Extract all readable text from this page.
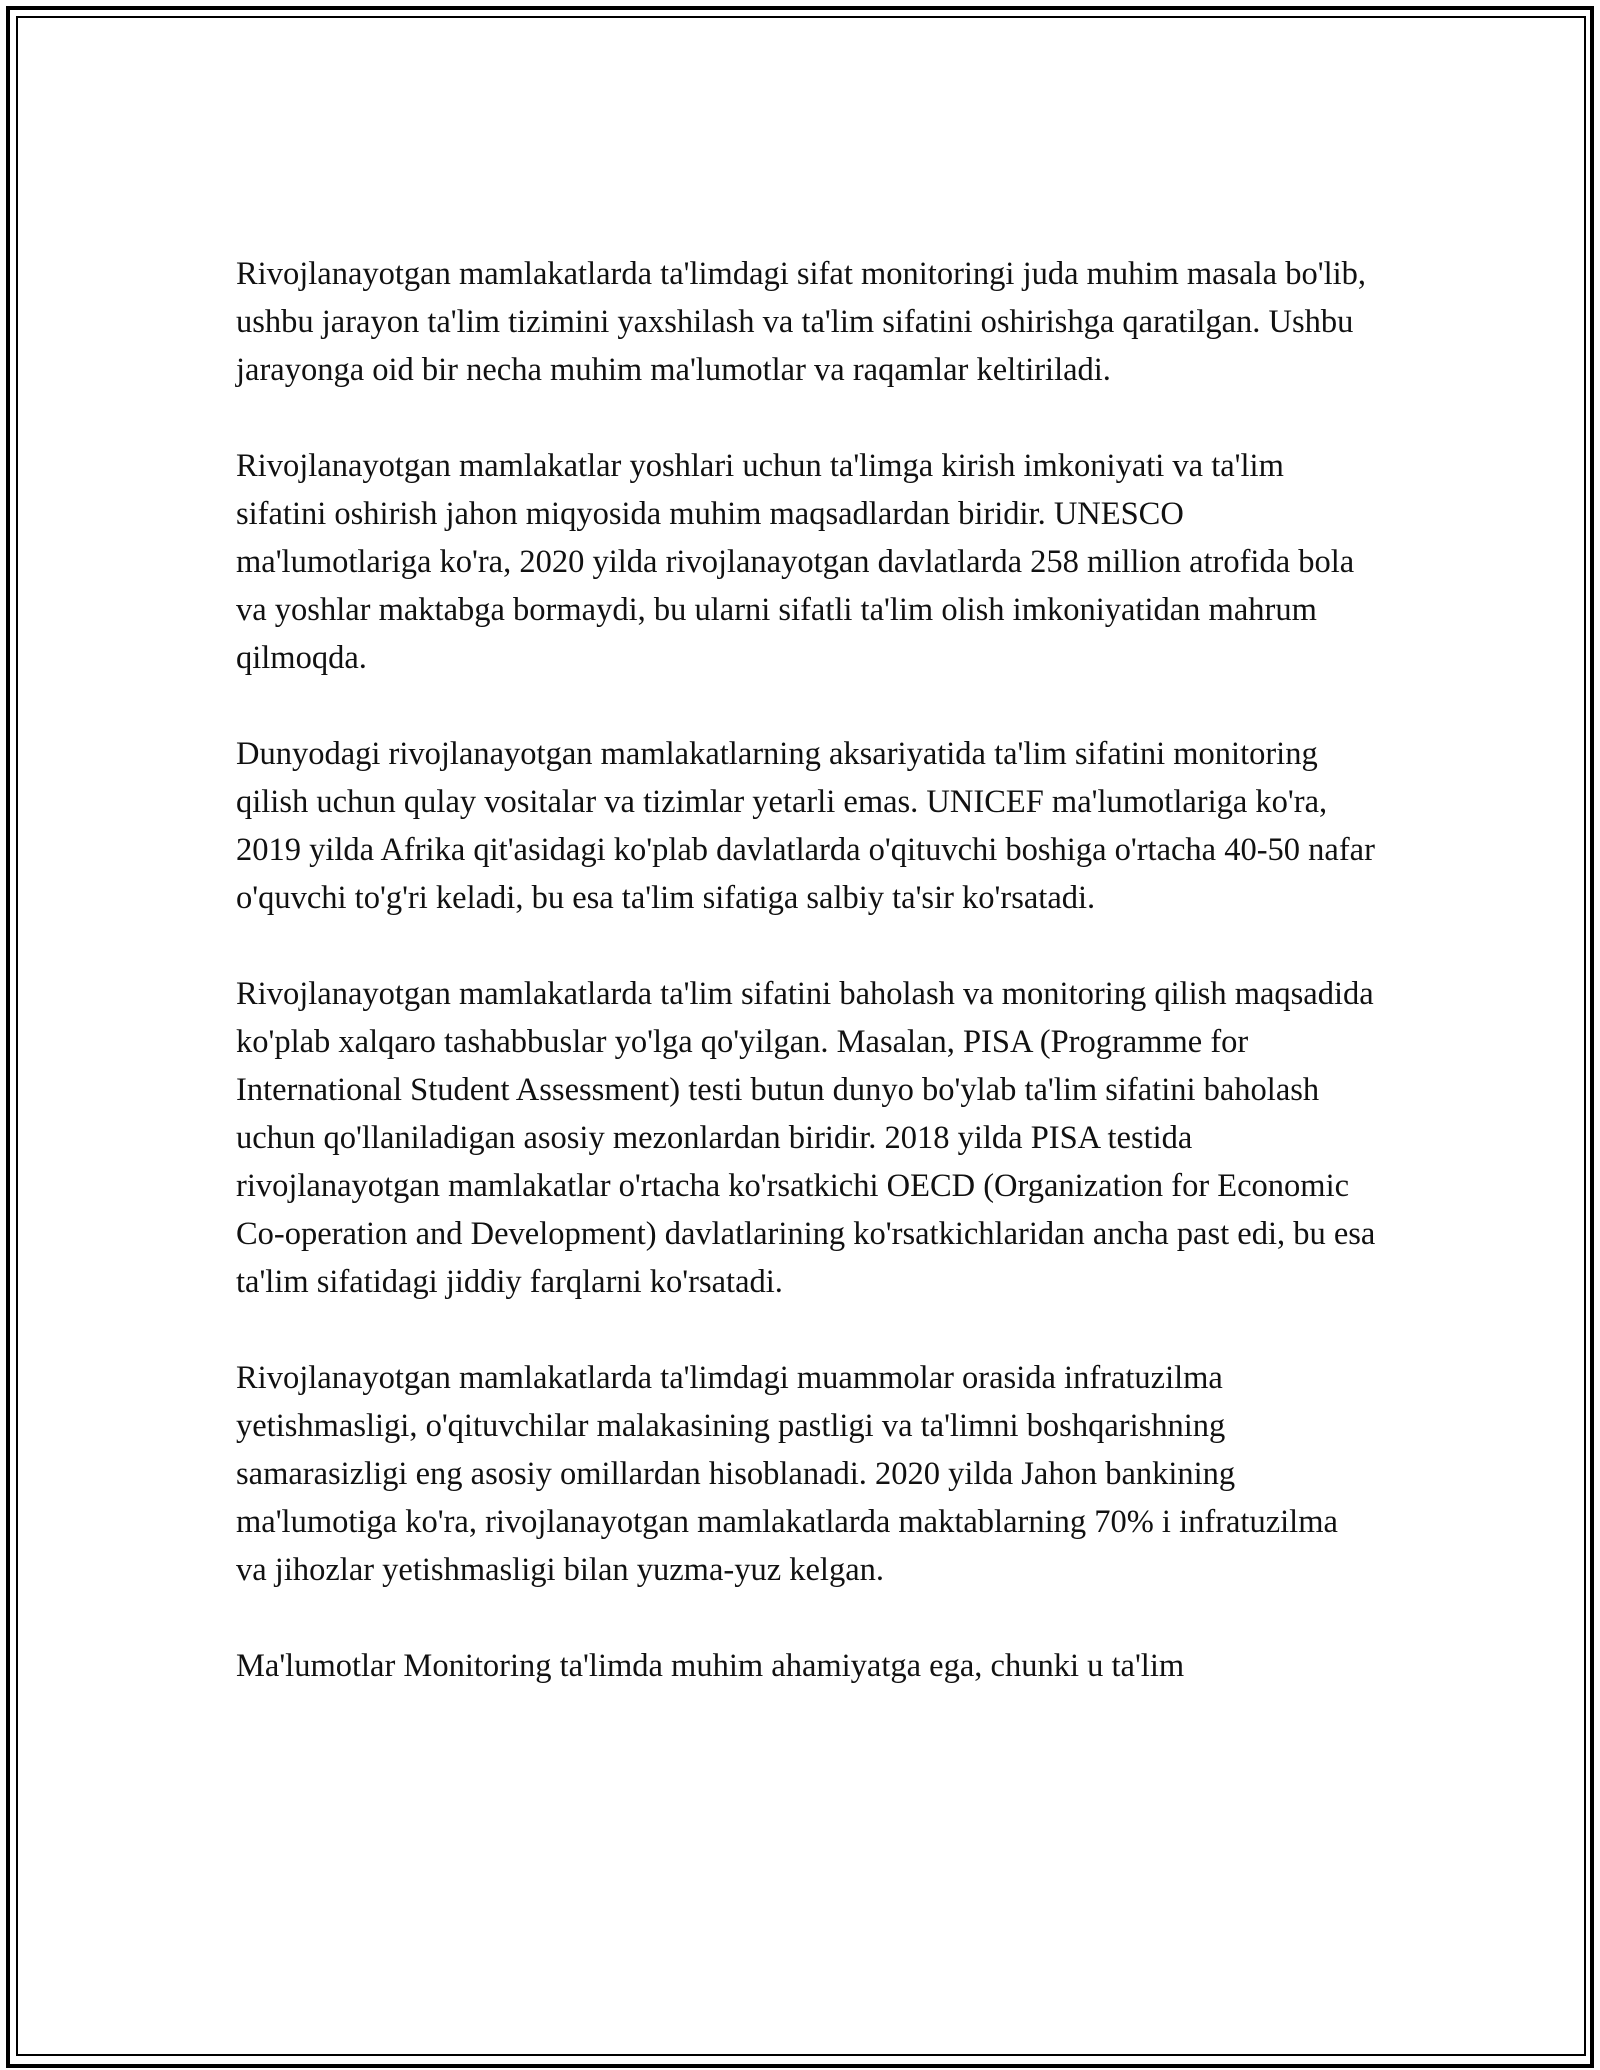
Rivojlanayotgan mamlakatlarda ta'limdagi sifat monitoringi juda muhim masala bo'lib, ushbu jarayon ta'lim tizimini yaxshilash va ta'lim sifatini oshirishga qaratilgan. Ushbu jarayonga oid bir necha muhim ma'lumotlar va raqamlar keltiriladi.

Rivojlanayotgan mamlakatlar yoshlari uchun ta'limga kirish imkoniyati va ta'lim sifatini oshirish jahon miqyosida muhim maqsadlardan biridir. UNESCO ma'lumotlariga ko'ra, 2020 yilda rivojlanayotgan davlatlarda 258 million atrofida bola va yoshlar maktabga bormaydi, bu ularni sifatli ta'lim olish imkoniyatidan mahrum qilmoqda.

Dunyodagi rivojlanayotgan mamlakatlarning aksariyatida ta'lim sifatini monitoring qilish uchun qulay vositalar va tizimlar yetarli emas. UNICEF ma'lumotlariga ko'ra, 2019 yilda Afrika qit'asidagi ko'plab davlatlarda o'qituvchi boshiga o'rtacha 40-50 nafar o'quvchi to'g'ri keladi, bu esa ta'lim sifatiga salbiy ta'sir ko'rsatadi.

Rivojlanayotgan mamlakatlarda ta'lim sifatini baholash va monitoring qilish maqsadida ko'plab xalqaro tashabbuslar yo'lga qo'yilgan. Masalan, PISA (Programme for International Student Assessment) testi butun dunyo bo'ylab ta'lim sifatini baholash uchun qo'llaniladigan asosiy mezonlardan biridir. 2018 yilda PISA testida rivojlanayotgan mamlakatlar o'rtacha ko'rsatkichi OECD (Organization for Economic Co-operation and Development) davlatlarining ko'rsatkichlaridan ancha past edi, bu esa ta'lim sifatidagi jiddiy farqlarni ko'rsatadi.

Rivojlanayotgan mamlakatlarda ta'limdagi muammolar orasida infratuzilma yetishmasligi, o'qituvchilar malakasining pastligi va ta'limni boshqarishning samarasizligi eng asosiy omillardan hisoblanadi. 2020 yilda Jahon bankining ma'lumotiga ko'ra, rivojlanayotgan mamlakatlarda maktablarning 70% i infratuzilma va jihozlar yetishmasligi bilan yuzma-yuz kelgan.

Ma'lumotlar Monitoring ta'limda muhim ahamiyatga ega, chunki u ta'lim
